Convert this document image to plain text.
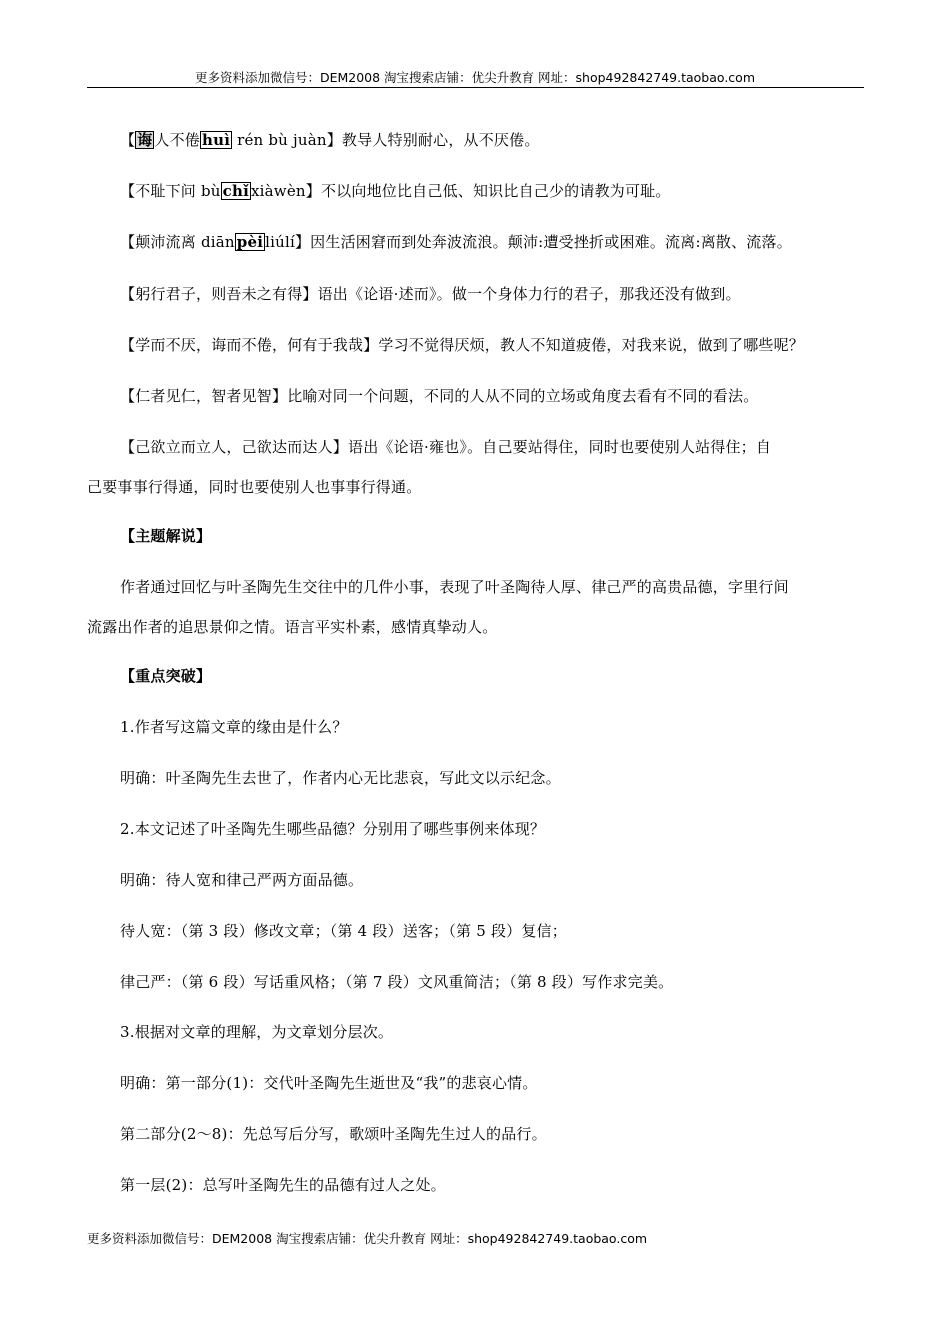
更多资料添加微信号：DEM2008 淘宝搜索店铺：优尖升教育 网址：shop492842749.taobao.com
【 诲 人不倦 huì rén bù juàn】教导人特别耐心，从不厌倦。
【不耻下问 bù chǐ xiàwèn】不以向地位比自己低、知识比自己少的请教为可耻。
【颠沛流离 diān pèi liúlí】因生活困窘而到处奔波流浪。颠沛:遭受挫折或困难。流离:离散、流落。
【躬行君子，则吾未之有得】语出《论语·述而》。做一个身体力行的君子，那我还没有做到。
【学而不厌，诲而不倦，何有于我哉】学习不觉得厌烦，教人不知道疲倦，对我来说，做到了哪些呢？
【仁者见仁，智者见智】比喻对同一个问题，不同的人从不同的立场或角度去看有不同的看法。
【己欲立而立人，己欲达而达人】语出《论语·雍也》。自己要站得住，同时也要使别人站得住；自
己要事事行得通，同时也要使别人也事事行得通。
【主题解说】
作者通过回忆与叶圣陶先生交往中的几件小事，表现了叶圣陶待人厚、律己严的高贵品德，字里行间
流露出作者的追思景仰之情。语言平实朴素，感情真挚动人。
【重点突破】
1.作者写这篇文章的缘由是什么？
明确：叶圣陶先生去世了，作者内心无比悲哀，写此文以示纪念。
2.本文记述了叶圣陶先生哪些品德？分别用了哪些事例来体现？
明确：待人宽和律己严两方面品德。
待人宽：（第 3 段）修改文章；（第 4 段）送客；（第 5 段）复信；
律己严：（第 6 段）写话重风格；（第 7 段）文风重简洁；（第 8 段）写作求完美。
3.根据对文章的理解，为文章划分层次。
明确：第一部分(1)：交代叶圣陶先生逝世及“我”的悲哀心情。
第二部分(2～8)：先总写后分写，歌颂叶圣陶先生过人的品行。
第一层(2)：总写叶圣陶先生的品德有过人之处。
更多资料添加微信号：DEM2008 淘宝搜索店铺：优尖升教育 网址：shop492842749.taobao.com
